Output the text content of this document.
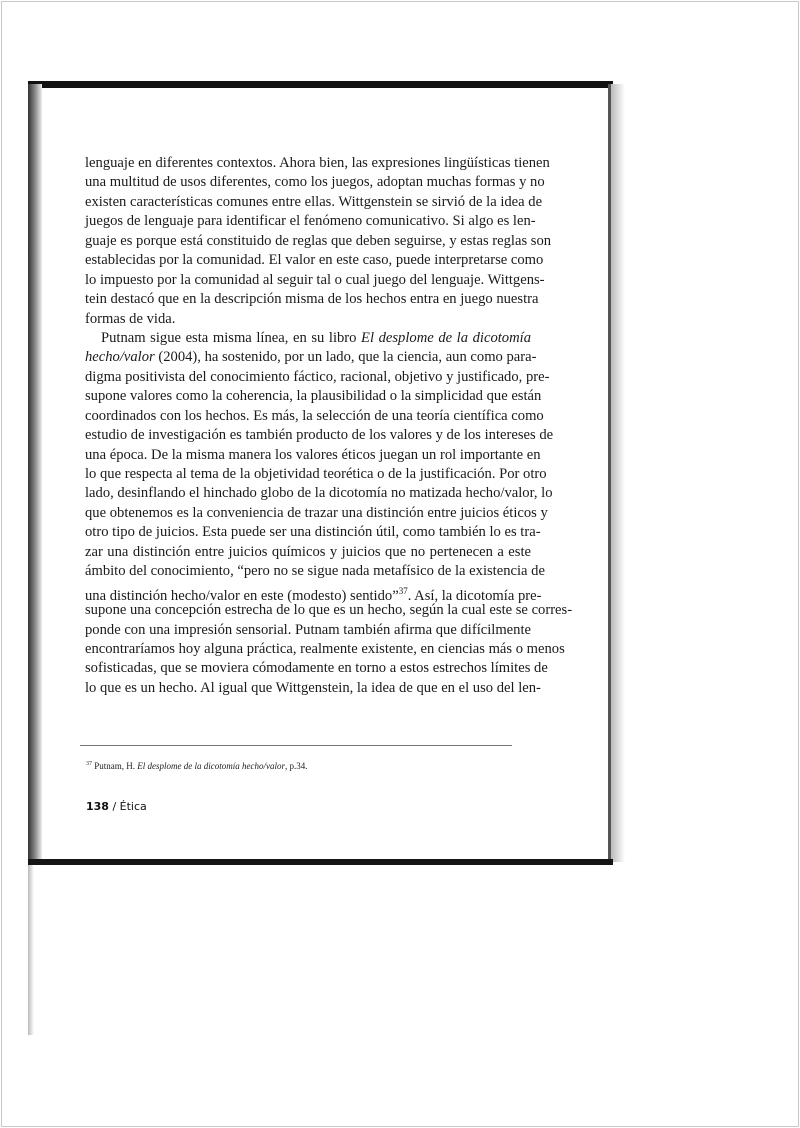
lenguaje en diferentes contextos. Ahora bien, las expresiones lingüísticas tienen
una multitud de usos diferentes, como los juegos, adoptan muchas formas y no
existen características comunes entre ellas. Wittgenstein se sirvió de la idea de
juegos de lenguaje para identificar el fenómeno comunicativo. Si algo es len-
guaje es porque está constituido de reglas que deben seguirse, y estas reglas son
establecidas por la comunidad. El valor en este caso, puede interpretarse como
lo impuesto por la comunidad al seguir tal o cual juego del lenguaje. Wittgens-
tein destacó que en la descripción misma de los hechos entra en juego nuestra
formas de vida.
Putnam sigue esta misma línea, en su libro El desplome de la dicotomía
hecho/valor (2004), ha sostenido, por un lado, que la ciencia, aun como para-
digma positivista del conocimiento fáctico, racional, objetivo y justificado, pre-
supone valores como la coherencia, la plausibilidad o la simplicidad que están
coordinados con los hechos. Es más, la selección de una teoría científica como
estudio de investigación es también producto de los valores y de los intereses de
una época. De la misma manera los valores éticos juegan un rol importante en
lo que respecta al tema de la objetividad teorética o de la justificación. Por otro
lado, desinflando el hinchado globo de la dicotomía no matizada hecho/valor, lo
que obtenemos es la conveniencia de trazar una distinción entre juicios éticos y
otro tipo de juicios. Esta puede ser una distinción útil, como también lo es tra-
zar una distinción entre juicios químicos y juicios que no pertenecen a este
ámbito del conocimiento, “pero no se sigue nada metafísico de la existencia de
una distinción hecho/valor en este (modesto) sentido”$^{37}$. Así, la dicotomía pre-
supone una concepción estrecha de lo que es un hecho, según la cual este se corres-
ponde con una impresión sensorial. Putnam también afirma que difícilmente
encontraríamos hoy alguna práctica, realmente existente, en ciencias más o menos
sofisticadas, que se moviera cómodamente en torno a estos estrechos límites de
lo que es un hecho. Al igual que Wittgenstein, la idea de que en el uso del len-
$^{37}$ Putnam, H. El desplome de la dicotomía hecho/valor, p.34.
138 / Ética
